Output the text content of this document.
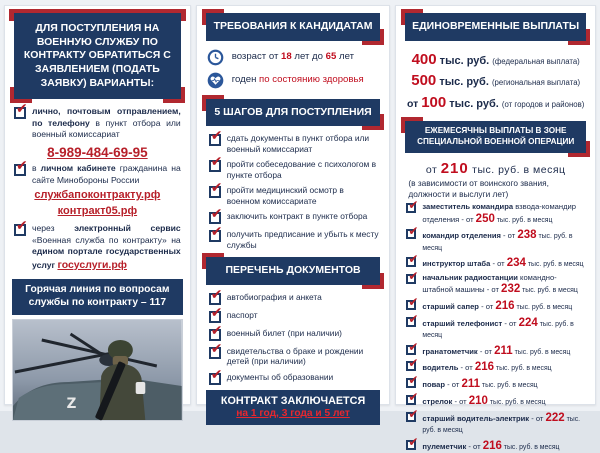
ДЛЯ ПОСТУПЛЕНИЯ НА ВОЕННУЮ СЛУЖБУ ПО КОНТРАКТУ ОБРАТИТЬСЯ С ЗАЯВЛЕНИЕМ (ПОДАТЬ ЗАЯВКУ) ВАРИАНТЫ:
✔
лично, почтовым отправлением, по телефону в пункт отбора или военный комиссариат
8-989-484-69-95
✔
в личном кабинете гражданина на сайте Минобороны России
службапоконтракту.рф
контракт05.рф
✔
через электронный сервис «Военная служба по контракту» на едином портале государственных услуг госуслуги.рф
Горячая линия по вопросам службы по контракту – 117
Z
ТРЕБОВАНИЯ К КАНДИДАТАМ
возраст от 18 лет до 65 лет
годен по состоянию здоровья
5 ШАГОВ ДЛЯ ПОСТУПЛЕНИЯ
✔
сдать документы в пункт отбора или военный комиссариат
✔
пройти собеседование с психологом в пункте отбора
✔
пройти медицинский осмотр в военном комиссариате
✔
заключить контракт в пункте отбора
✔
получить предписание и убыть к месту службы
ПЕРЕЧЕНЬ ДОКУМЕНТОВ
✔
автобиография и анкета
✔
паспорт
✔
военный билет (при наличии)
✔
свидетельства о браке и рождении детей (при наличии)
✔
документы об образовании
КОНТРАКТ ЗАКЛЮЧАЕТСЯ
на 1 год, 3 года и 5 лет
ЕДИНОВРЕМЕННЫЕ ВЫПЛАТЫ
400 тыс. руб. (федеральная выплата)
500 тыс. руб. (региональная выплата)
от 100 тыс. руб. (от городов и районов)
ЕЖЕМЕСЯЧНЫ ВЫПЛАТЫ В ЗОНЕ СПЕЦИАЛЬНОЙ ВОЕННОЙ ОПЕРАЦИИ
от 210 тыс. руб. в месяц
(в зависимости от воинского звания, должности и выслуги лет)
✔
заместитель командира взвода-командир отделения - от 250 тыс. руб. в месяц
✔
командир отделения - от 238 тыс. руб. в месяц
✔
инструктор штаба - от 234 тыс. руб. в месяц
✔
начальник радиостанции командно-штабной машины - от 232 тыс. руб. в месяц
✔
старший сапер - от 216 тыс. руб. в месяц
✔
старший телефонист - от 224 тыс. руб. в месяц
✔
гранатометчик - от 211 тыс. руб. в месяц
✔
водитель - от 216 тыс. руб. в месяц
✔
повар - от 211 тыс. руб. в месяц
✔
стрелок - от 210 тыс. руб. в месяц
✔
старший водитель-электрик - от 222 тыс. руб. в месяц
✔
пулеметчик - от 216 тыс. руб. в месяц
